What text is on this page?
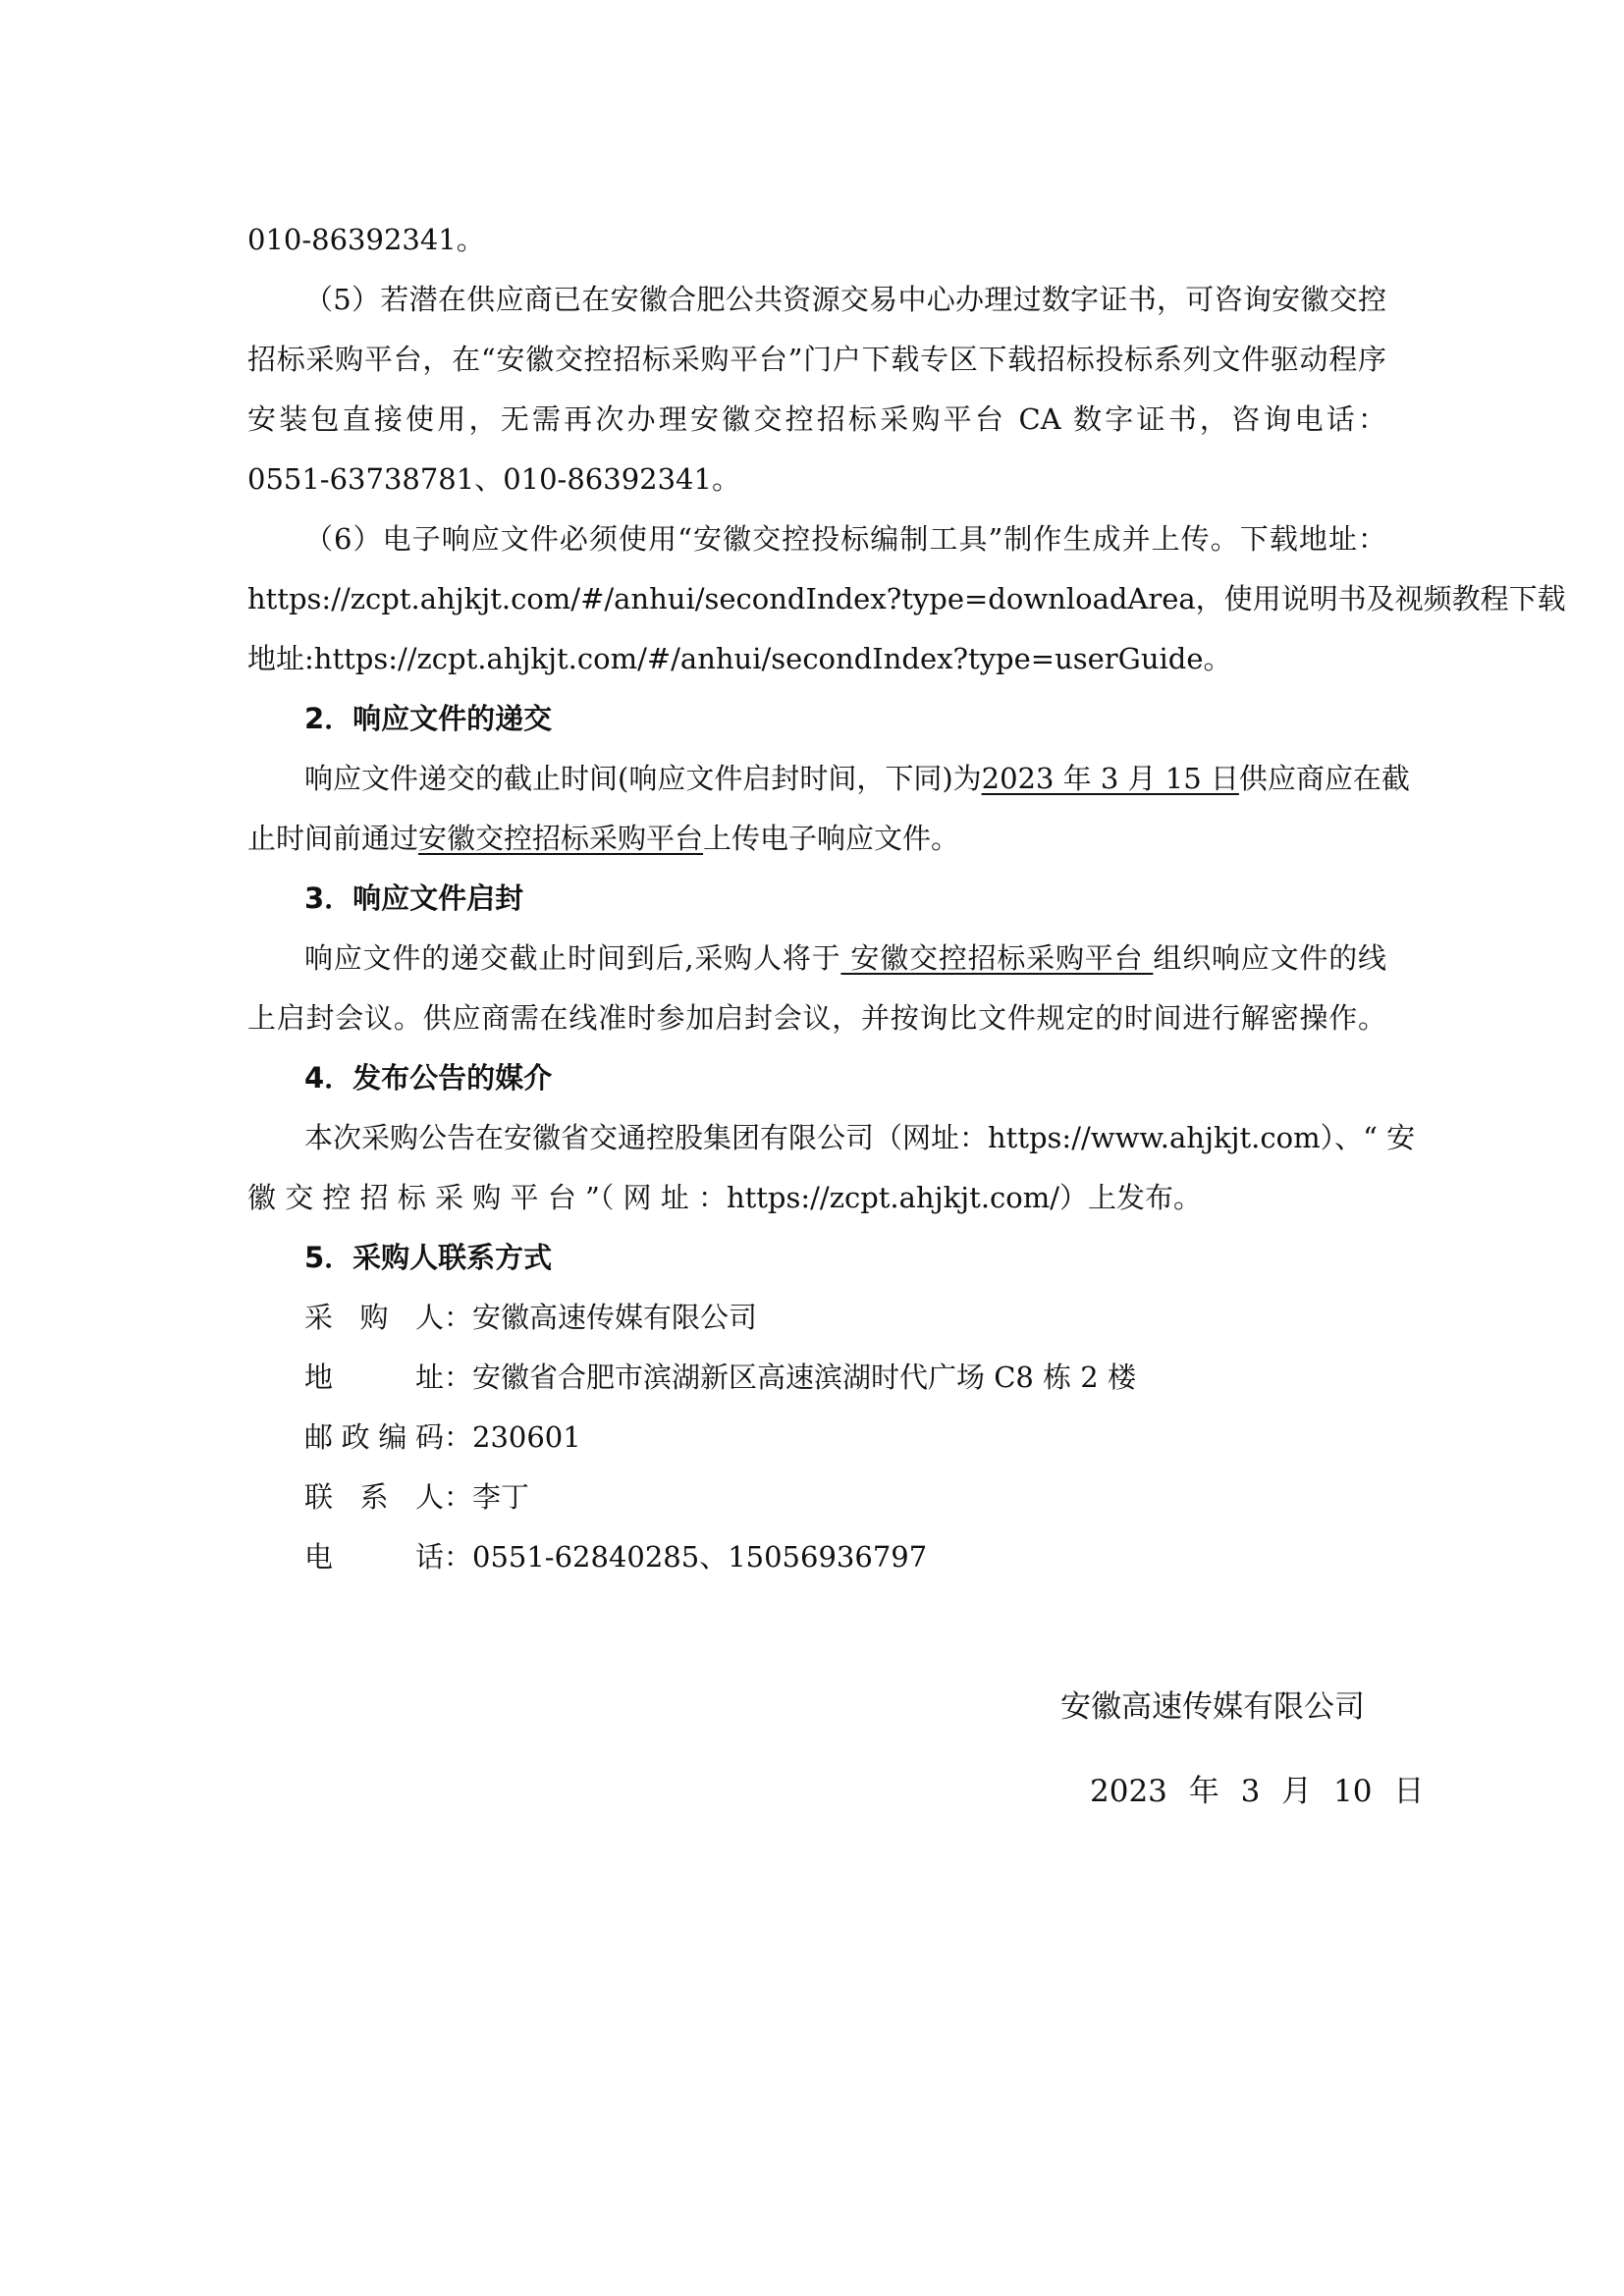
010-86392341。
（5）若潜在供应商已在安徽合肥公共资源交易中心办理过数字证书，可咨询安徽交控
招标采购平台，在“安徽交控招标采购平台”门户下载专区下载招标投标系列文件驱动程序
安装包直接使用，无需再次办理安徽交控招标采购平台 CA 数字证书，咨询电话：
0551-63738781、010-86392341。
（6）电子响应文件必须使用“安徽交控投标编制工具”制作生成并上传。下载地址：
https://zcpt.ahjkjt.com/#/anhui/secondIndex?type=downloadArea，使用说明书及视频教程下载
地址:https://zcpt.ahjkjt.com/#/anhui/secondIndex?type=userGuide。
2．响应文件的递交
响应文件递交的截止时间(响应文件启封时间，下同)为2023 年 3 月 15 日供应商应在截
止时间前通过安徽交控招标采购平台上传电子响应文件。
3．响应文件启封
响应文件的递交截止时间到后,采购人将于 安徽交控招标采购平台 组织响应文件的线
上启封会议。供应商需在线准时参加启封会议，并按询比文件规定的时间进行解密操作。
4．发布公告的媒介
本次采购公告在安徽省交通控股集团有限公司（网址：https://www.ahjkjt.com）、“ 安
徽 交 控 招 标 采 购 平 台 ”（ 网 址 ：https://zcpt.ahjkjt.com/）上发布。
5．采购人联系方式
采购人：安徽高速传媒有限公司
地址：安徽省合肥市滨湖新区高速滨湖时代广场 C8 栋 2 楼
邮政编码：230601
联系人：李丁
电话：0551-62840285、15056936797
安徽高速传媒有限公司
2023 年 3 月 10 日
